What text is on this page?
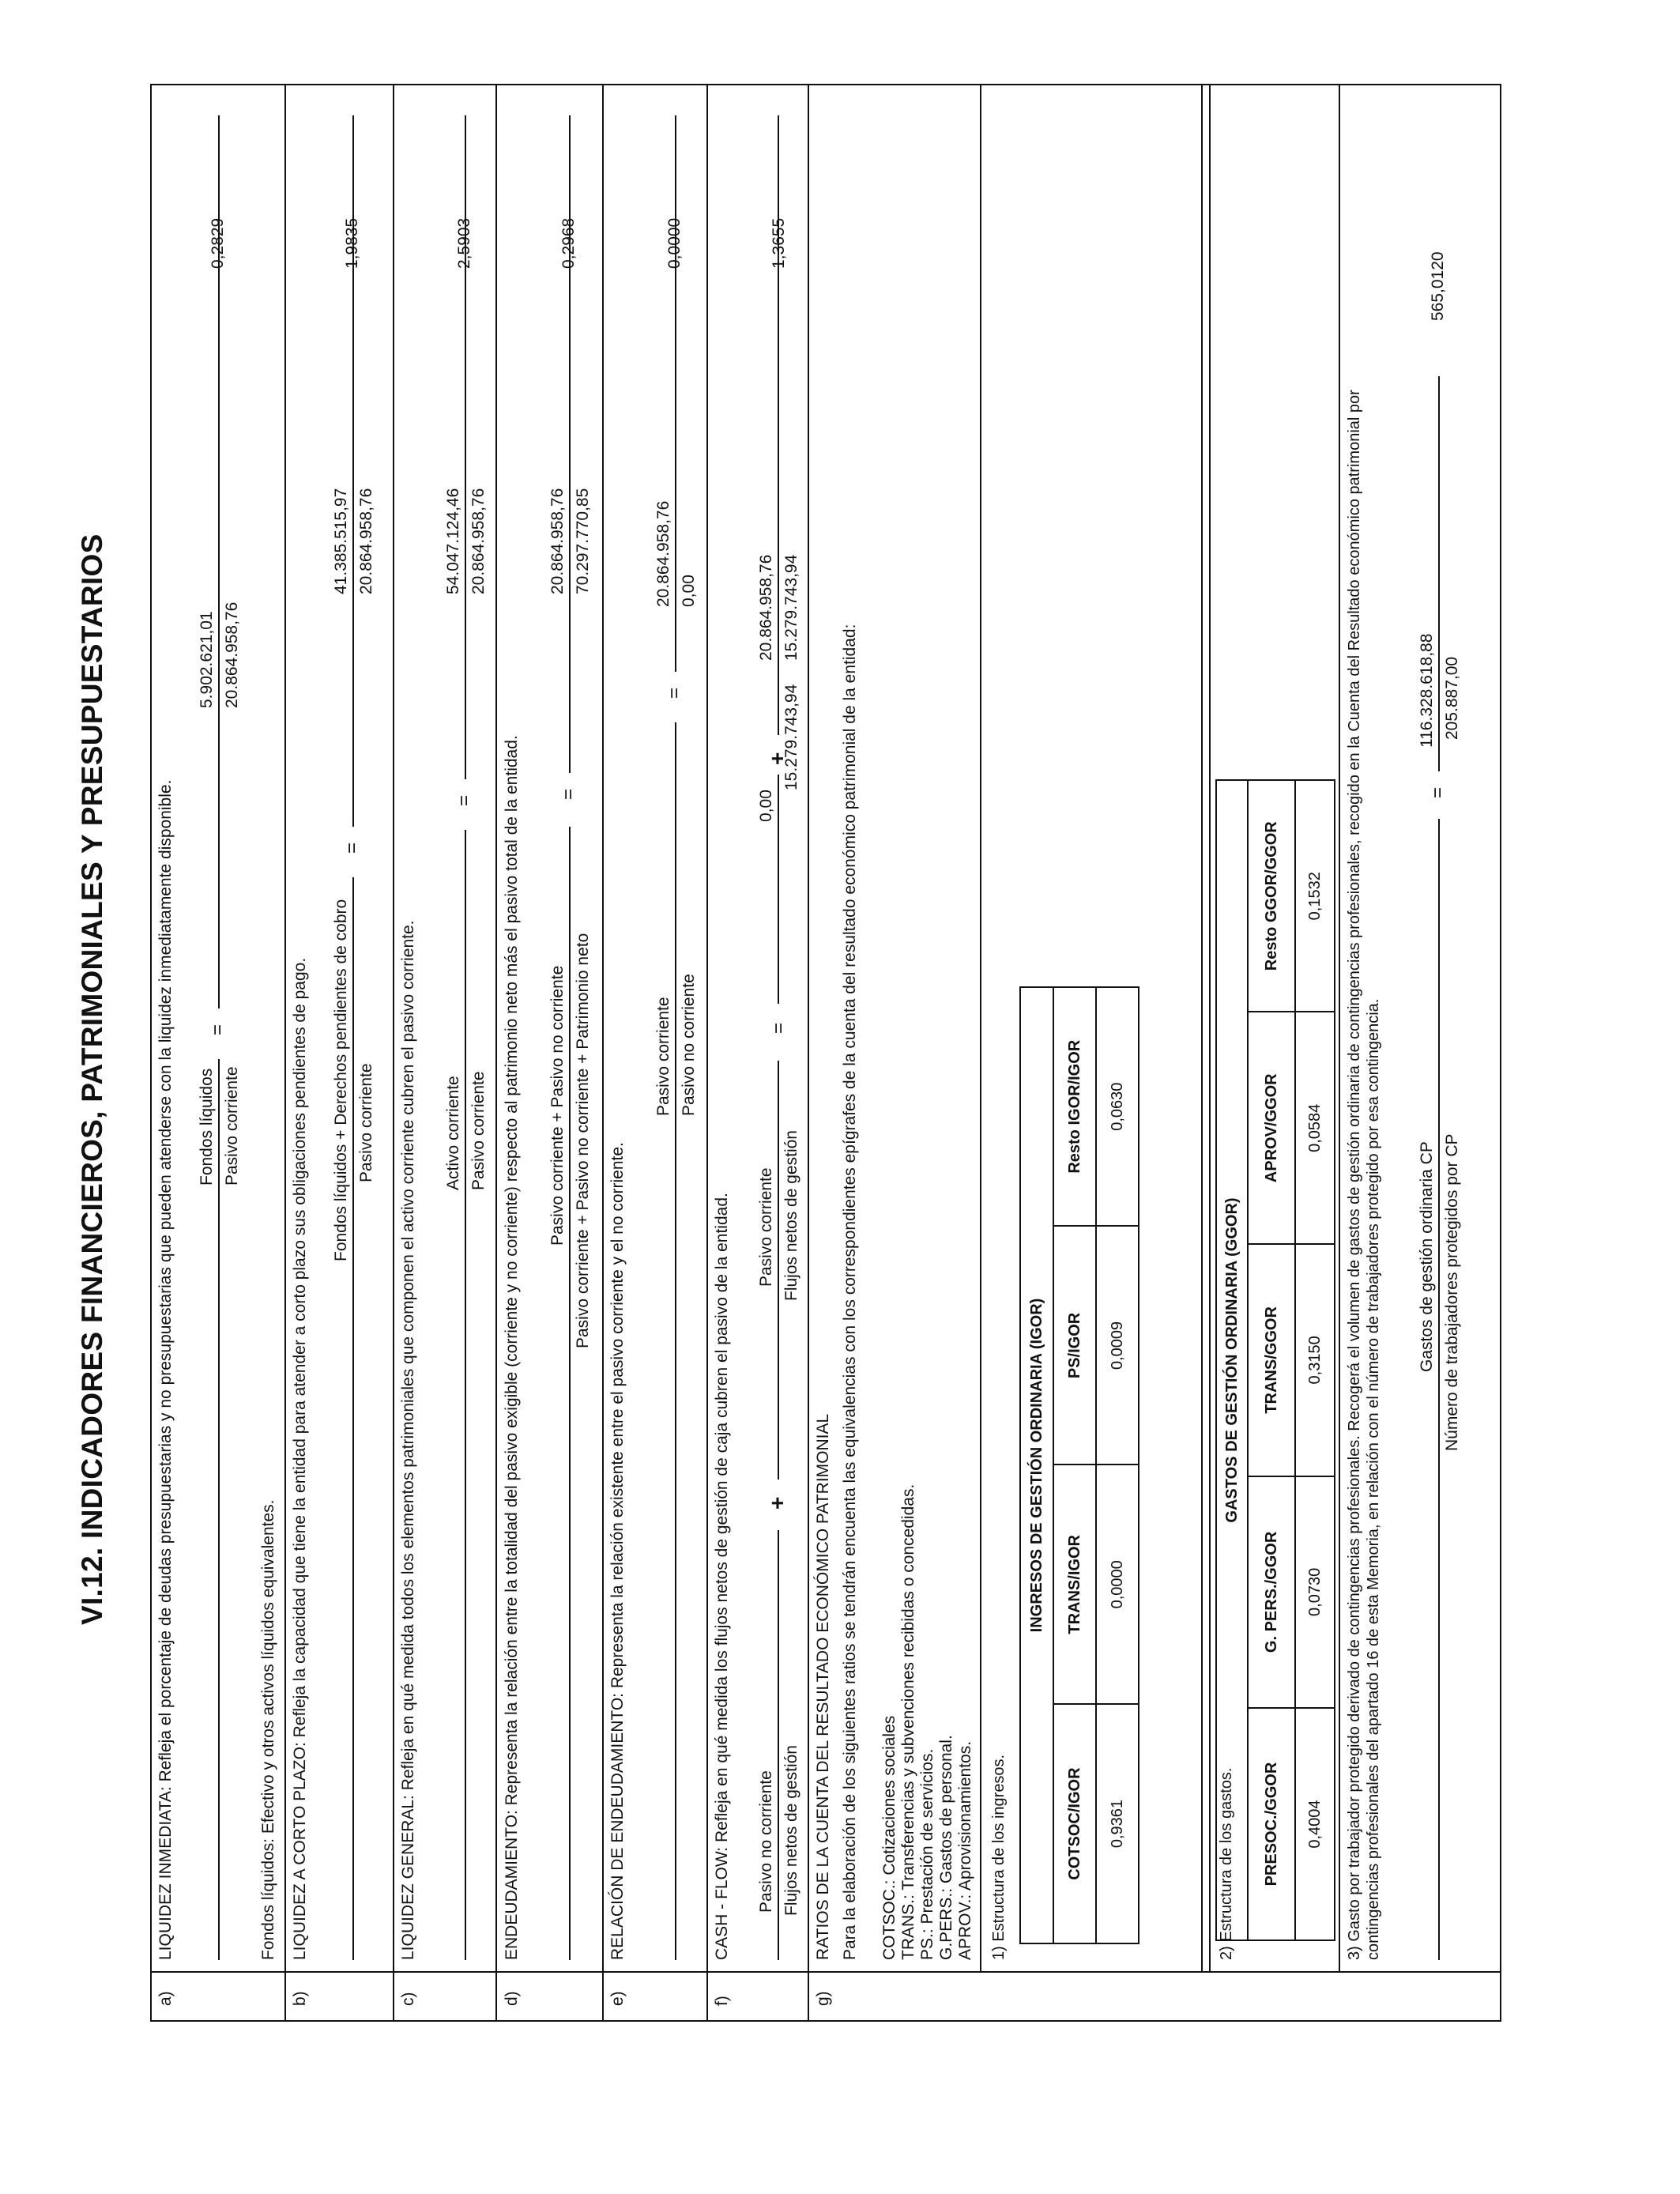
VI.12. INDICADORES FINANCIEROS, PATRIMONIALES Y PRESUPUESTARIOS
a)
LIQUIDEZ INMEDIATA: Refleja el porcentaje de deudas presupuestarias y no presupuestarias que pueden atenderse con la liquidez inmediatamente disponible. Fondos líquidos Pasivo corriente
=
5.902.621,01 20.864.958,76
0,2829
Fondos líquidos: Efectivo y otros activos líquidos equivalentes.
b)
LIQUIDEZ A CORTO PLAZO: Refleja la capacidad que tiene la entidad para atender a corto plazo sus obligaciones pendientes de pago. Fondos líquidos + Derechos pendientes de cobro Pasivo corriente
=
41.385.515,97 20.864.958,76
1,9835
c)
LIQUIDEZ GENERAL: Refleja en qué medida todos los elementos patrimoniales que componen el activo corriente cubren el pasivo corriente. Activo corriente Pasivo corriente
=
54.047.124,46 20.864.958,76
2,5903
d)
ENDEUDAMIENTO: Representa la relación entre la totalidad del pasivo exigible (corriente y no corriente) respecto al patrimonio neto más el pasivo total de la entidad. Pasivo corriente + Pasivo no corriente Pasivo corriente + Pasivo no corriente + Patrimonio neto
=
20.864.958,76 70.297.770,85
0,2968
e)
RELACIÓN DE ENDEUDAMIENTO: Representa la relación existente entre el pasivo corriente y el no corriente.
Pasivo corriente Pasivo no corriente
=
20.864.958,76 0,00
0,0000
f)
CASH - FLOW: Refleja en qué medida los flujos netos de gestión de caja cubren el pasivo de la entidad. Pasivo no corriente Flujos netos de gestión
+
Pasivo corriente Flujos netos de gestión
=
0,00
15.279.743,94
+
20.864.958,76 15.279.743,94
1,3655
g)
RATIOS DE LA CUENTA DEL RESULTADO ECONÓMICO PATRIMONIAL Para la elaboración de los siguientes ratios se tendrán encuenta las equivalencias con los correspondientes epígrafes de la cuenta del resultado económico patrimonial de la entidad: COTSOC.: Cotizaciones sociales TRANS.: Transferencias y subvenciones recibidas o concedidas. PS.: Prestación de servicios. G.PERS.: Gastos de personal. APROV.: Aprovisionamientos. 1) Estructura de los ingresos.
INGRESOS DE GESTIÓN ORDINARIA (IGOR)			
COTSOC/IGOR	TRANS/IGOR	PS/IGOR	Resto IGOR/IGOR
0,9361	0,0000	0,0009	0,0630
2) Estructura de los gastos.
GASTOS DE GESTIÓN ORDINARIA (GGOR)				
PRESOC./GGOR	G. PERS./GGOR	TRANS/GGOR	APROV/GGOR	Resto GGOR/GGOR
0,4004	0,0730	0,3150	0,0584	0,1532 3) Gasto por trabajador protegido derivado de contingencias profesionales. Recogerá el volumen de gastos de gestión ordinaria de contingencias profesionales, recogido en la Cuenta del Resultado económico patrimonial por contingencias profesionales del apartado 16 de esta Memoria, en relación con el número de trabajadores protegido por esa contingencia. Gastos de gestión ordinaria CP Número de trabajadores protegidos por CP
=
116.328.618,88 205.887,00
565,0120
